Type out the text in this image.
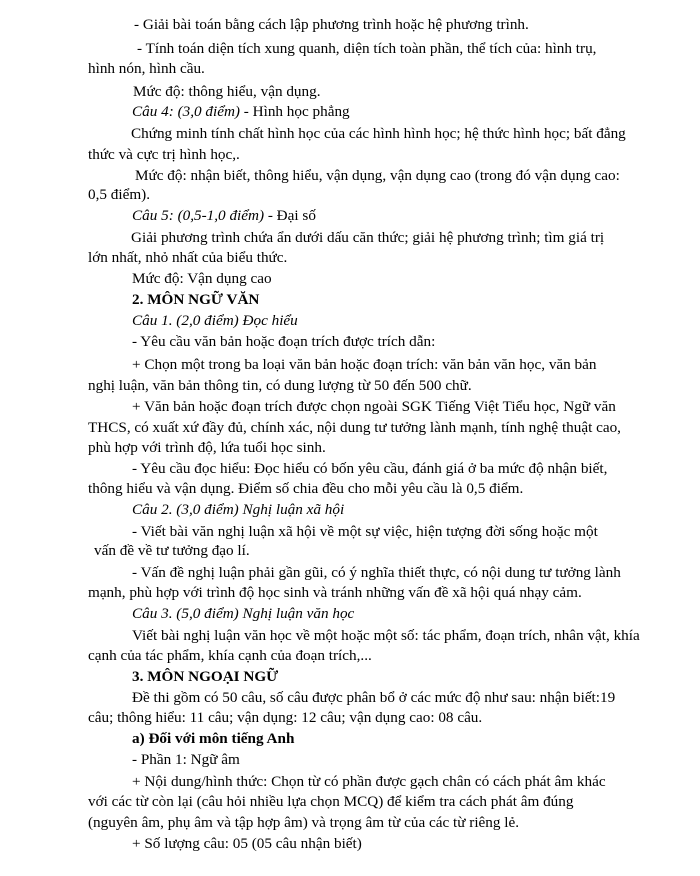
- Giải bài toán bằng cách lập phương trình hoặc hệ phương trình.
- Tính toán diện tích xung quanh, diện tích toàn phần, thể tích của: hình trụ,
hình nón, hình cầu.
Mức độ: thông hiểu, vận dụng.
Câu 4: (3,0 điểm) - Hình học phẳng
Chứng minh tính chất hình học của các hình hình học; hệ thức hình học; bất đẳng
thức và cực trị hình học,.
Mức độ: nhận biết, thông hiểu, vận dụng, vận dụng cao (trong đó vận dụng cao:
0,5 điểm).
Câu 5: (0,5-1,0 điểm) - Đại số
Giải phương trình chứa ẩn dưới dấu căn thức; giải hệ phương trình; tìm giá trị
lớn nhất, nhỏ nhất của biểu thức.
Mức độ: Vận dụng cao
2. MÔN NGỮ VĂN
Câu 1. (2,0 điểm) Đọc hiểu
- Yêu cầu văn bản hoặc đoạn trích được trích dẫn:
+ Chọn một trong ba loại văn bản hoặc đoạn trích: văn bản văn học, văn bản
nghị luận, văn bản thông tin, có dung lượng từ 50 đến 500 chữ.
+ Văn bản hoặc đoạn trích được chọn ngoài SGK Tiếng Việt Tiểu học, Ngữ văn
THCS, có xuất xứ đầy đủ, chính xác, nội dung tư tưởng lành mạnh, tính nghệ thuật cao,
phù hợp với trình độ, lứa tuổi học sinh.
- Yêu cầu đọc hiểu: Đọc hiểu có bốn yêu cầu, đánh giá ở ba mức độ nhận biết,
thông hiểu và vận dụng. Điểm số chia đều cho mỗi yêu cầu là 0,5 điểm.
Câu 2. (3,0 điểm) Nghị luận xã hội
- Viết bài văn nghị luận xã hội về một sự việc, hiện tượng đời sống hoặc một
vấn đề về tư tưởng đạo lí.
- Vấn đề nghị luận phải gần gũi, có ý nghĩa thiết thực, có nội dung tư tưởng lành
mạnh, phù hợp với trình độ học sinh và tránh những vấn đề xã hội quá nhạy cảm.
Câu 3. (5,0 điểm) Nghị luận văn học
Viết bài nghị luận văn học về một hoặc một số: tác phẩm, đoạn trích, nhân vật, khía
cạnh của tác phẩm, khía cạnh của đoạn trích,...
3. MÔN NGOẠI NGỮ
Đề thi gồm có 50 câu, số câu được phân bổ ở các mức độ như sau: nhận biết:19
câu; thông hiểu: 11 câu; vận dụng: 12 câu; vận dụng cao: 08 câu.
a) Đối với môn tiếng Anh
- Phần 1: Ngữ âm
+ Nội dung/hình thức: Chọn từ có phần được gạch chân có cách phát âm khác
với các từ còn lại (câu hỏi nhiều lựa chọn MCQ) để kiểm tra cách phát âm đúng
(nguyên âm, phụ âm và tập hợp âm) và trọng âm từ của các từ riêng lẻ.
+ Số lượng câu: 05 (05 câu nhận biết)
